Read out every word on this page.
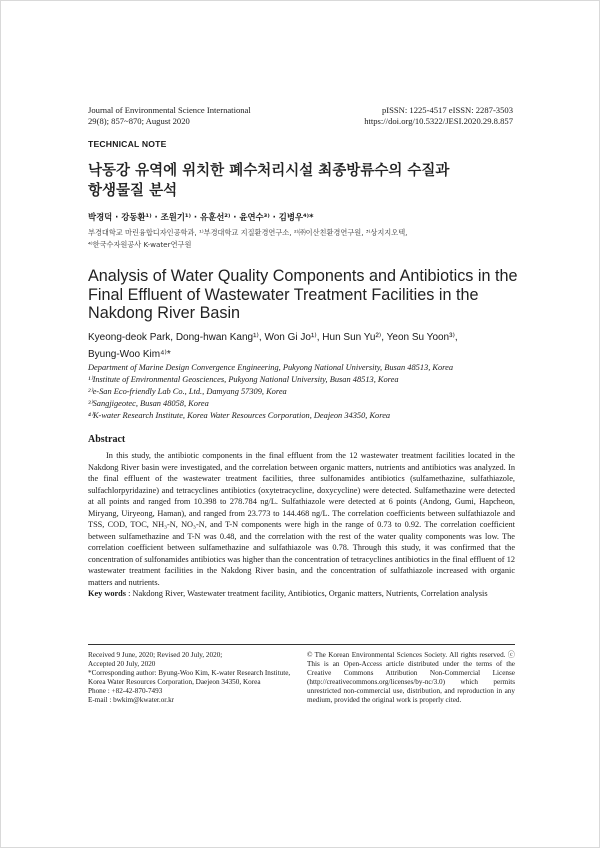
Journal of Environmental Science International
29(8); 857~870; August 2020
pISSN: 1225-4517 eISSN: 2287-3503
https://doi.org/10.5322/JESI.2020.29.8.857
TECHNICAL NOTE
낙동강 유역에 위치한 폐수처리시설 최종방류수의 수질과
항생물질 분석
박경덕 · 강동환¹⁾ · 조원기¹⁾ · 유훈선²⁾ · 윤연수³⁾ · 김병우⁴⁾*
부경대학교 마린융합디자인공학과, ¹⁾부경대학교 지질환경연구소, ²⁾㈜이산친환경연구원, ³⁾상지지오텍,
⁴⁾한국수자원공사 K-water연구원
Analysis of Water Quality Components and Antibiotics in the Final Effluent of Wastewater Treatment Facilities in the Nakdong River Basin
Kyeong-deok Park, Dong-hwan Kang¹⁾, Won Gi Jo¹⁾, Hun Sun Yu²⁾, Yeon Su Yoon³⁾,
Byung-Woo Kim⁴⁾*
Department of Marine Design Convergence Engineering, Pukyong National University, Busan 48513, Korea
¹⁾Institute of Environmental Geosciences, Pukyong National University, Busan 48513, Korea
²⁾e-San Eco-friendly Lab Co., Ltd., Damyang 57309, Korea
³⁾Sangjigeotec, Busan 48058, Korea
⁴⁾K-water Research Institute, Korea Water Resources Corporation, Deajeon 34350, Korea
Abstract
In this study, the antibiotic components in the final effluent from the 12 wastewater treatment facilities located in the Nakdong River basin were investigated, and the correlation between organic matters, nutrients and antibiotics was analyzed. In the final effluent of the wastewater treatment facilities, three sulfonamides antibiotics (sulfamethazine, sulfathiazole, sulfachlorpyridazine) and tetracyclines antibiotics (oxytetracycline, doxycycline) were detected. Sulfamethazine were detected at all points and ranged from 10.398 to 278.784 ng/L. Sulfathiazole were detected at 6 points (Andong, Gumi, Hapcheon, Miryang, Uiryeong, Haman), and ranged from 23.773 to 144.468 ng/L. The correlation coefficients between sulfathiazole and TSS, COD, TOC, NH₃-N, NO₃-N, and T-N components were high in the range of 0.73 to 0.92. The correlation coefficient between sulfamethazine and T-N was 0.48, and the correlation with the rest of the water quality components was low. The correlation coefficient between sulfamethazine and sulfathiazole was 0.78. Through this study, it was confirmed that the concentration of sulfonamides antibiotics was higher than the concentration of tetracyclines antibiotics in the final effluent of 12 wastewater treatment facilities in the Nakdong River basin, and the concentration of sulfathiazole increased with organic matters and nutrients.
Key words : Nakdong River, Wastewater treatment facility, Antibiotics, Organic matters, Nutrients, Correlation analysis
Received 9 June, 2020; Revised 20 July, 2020;
Accepted 20 July, 2020
*Corresponding author: Byung-Woo Kim, K-water Research Institute,
Korea Water Resources Corporation, Daejeon 34350, Korea
Phone : +82-42-870-7493
E-mail : bwkim@kwater.or.kr
© The Korean Environmental Sciences Society. All rights reserved. ⓒ This is an Open-Access article distributed under the terms of the Creative Commons Attribution Non-Commercial License (http://creativecommons.org/licenses/by-nc/3.0) which permits unrestricted non-commercial use, distribution, and reproduction in any medium, provided the original work is properly cited.
